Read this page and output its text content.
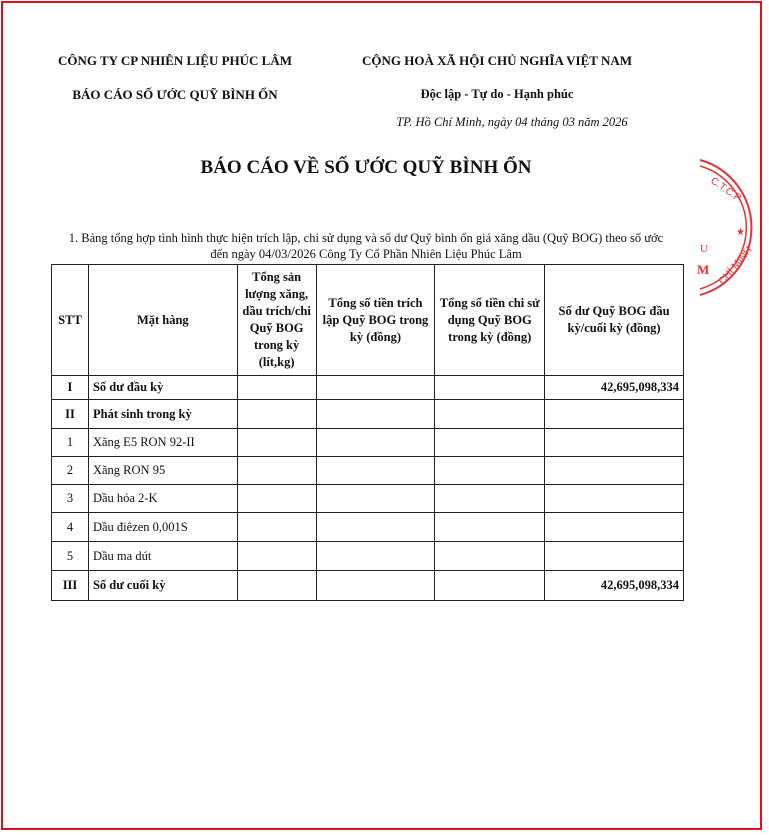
CÔNG TY CP NHIÊN LIỆU PHÚC LÂM
BÁO CÁO SỐ ƯỚC QUỸ BÌNH ỔN
CỘNG HOÀ XÃ HỘI CHỦ NGHĨA VIỆT NAM
Độc lập - Tự do - Hạnh phúc
TP. Hồ Chí Minh, ngày 04 tháng 03 năm 2026
BÁO CÁO VỀ SỐ ƯỚC QUỸ BÌNH ỔN
1. Bảng tổng hợp tình hình thực hiện trích lập, chi sử dụng và số dư Quỹ bình ổn giá xăng dầu (Quỹ BOG) theo số ước
đến ngày 04/03/2026 Công Ty Cổ Phần Nhiên Liệu Phúc Lâm
STT	Mặt hàng	Tổng sản lượng xăng, dầu trích/chi Quỹ BOG trong kỳ (lít,kg)	Tổng số tiền trích lập Quỹ BOG trong kỳ (đồng)	Tổng số tiền chi sử dụng Quỹ BOG trong kỳ (đồng)	Số dư Quỹ BOG đầu kỳ/cuối kỳ (đồng)
I	Số dư đầu kỳ				42,695,098,334
II	Phát sinh trong kỳ				
1	Xăng E5 RON 92-II				
2	Xăng RON 95				
3	Dầu hỏa 2-K				
4	Dầu điêzen 0,001S				
5	Dầu ma dút				
III	Số dư cuối kỳ				42,695,098,334
C.T.C.P
★
CHÍ MINH
U
M
